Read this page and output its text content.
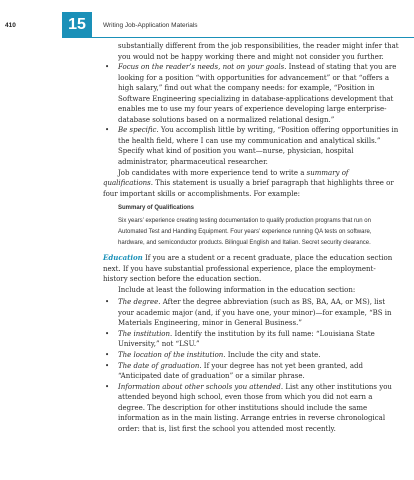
410	15	Writing Job-Application Materials

substantially different from the job responsibilities, the reader might infer that you would not be happy working there and might not consider you further.

• Focus on the reader’s needs, not on your goals. Instead of stating that you are looking for a position “with opportunities for advancement” or that “offers a high salary,” find out what the company needs: for example, “Position in Software Engineering specializing in database-applications development that enables me to use my four years of experience developing large enterprise-database solutions based on a normalized relational design.”
• Be specific. You accomplish little by writing, “Position offering opportunities in the health field, where I can use my communication and analytical skills.” Specify what kind of position you want—nurse, physician, hospital administrator, pharmaceutical researcher.

Job candidates with more experience tend to write a summary of qualifications. This statement is usually a brief paragraph that highlights three or four important skills or accomplishments. For example:

Summary of Qualifications
Six years’ experience creating testing documentation to qualify production programs that run on Automated Test and Handling Equipment. Four years’ experience running QA tests on software, hardware, and semiconductor products. Bilingual English and Italian. Secret security clearance.

Education If you are a student or a recent graduate, place the education section next. If you have substantial professional experience, place the employment-history section before the education section.

Include at least the following information in the education section:

• The degree. After the degree abbreviation (such as BS, BA, AA, or MS), list your academic major (and, if you have one, your minor)—for example, “BS in Materials Engineering, minor in General Business.”
• The institution. Identify the institution by its full name: “Louisiana State University,” not “LSU.”
• The location of the institution. Include the city and state.
• The date of graduation. If your degree has not yet been granted, add “Anticipated date of graduation” or a similar phrase.
• Information about other schools you attended. List any other institutions you attended beyond high school, even those from which you did not earn a degree. The description for other institutions should include the same information as in the main listing. Arrange entries in reverse chronological order: that is, list first the school you attended most recently.
